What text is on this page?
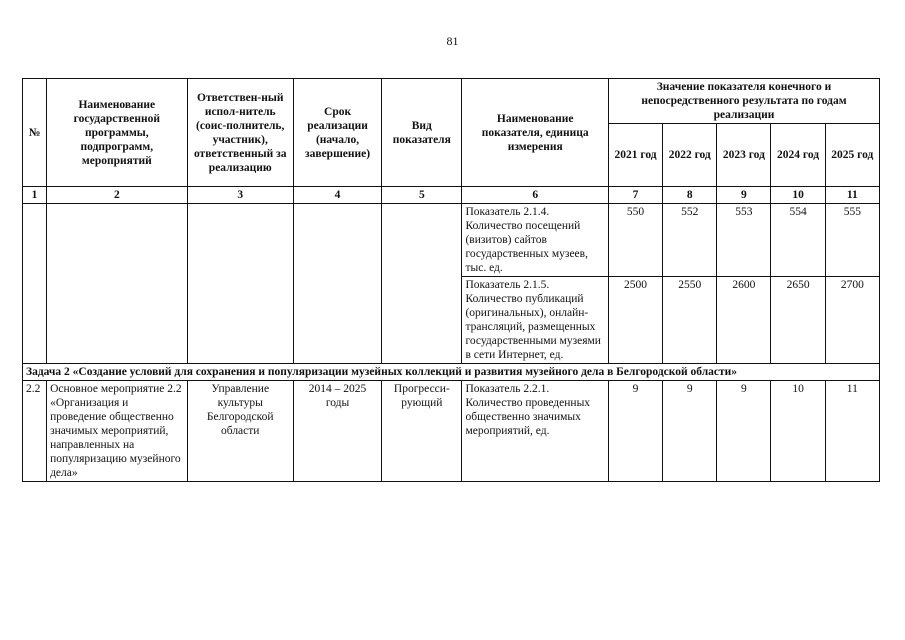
81
№	Наименование государственной программы, подпрограмм, мероприятий	Ответствен-ный испол-нитель (соис-полнитель, участник), ответственный за реализацию	Срок реализации (начало, завершение)	Вид показателя	Наименование показателя, единица измерения	Значение показателя конечного и непосредственного результата по годам реализации				
						2021 год	2022 год	2023 год	2024 год	2025 год
1	2	3	4	5	6	7	8	9	10	11
					Показатель 2.1.4. Количество посещений (визитов) сайтов государственных музеев, тыс. ед.	550	552	553	554	555
					Показатель 2.1.5. Количество публикаций (оригинальных), онлайн-трансляций, размещенных государственными музеями в сети Интернет, ед.	2500	2550	2600	2650	2700
Задача 2 «Создание условий для сохранения и популяризации музейных коллекций и развития музейного дела в Белгородской области»										
2.2	Основное мероприятие 2.2 «Организация и проведение общественно значимых мероприятий, направленных на популяризацию музейного дела»	Управление культуры Белгородской области	2014 – 2025 годы	Прогресси-рующий	Показатель 2.2.1. Количество проведенных общественно значимых мероприятий, ед.	9	9	9	10	11
